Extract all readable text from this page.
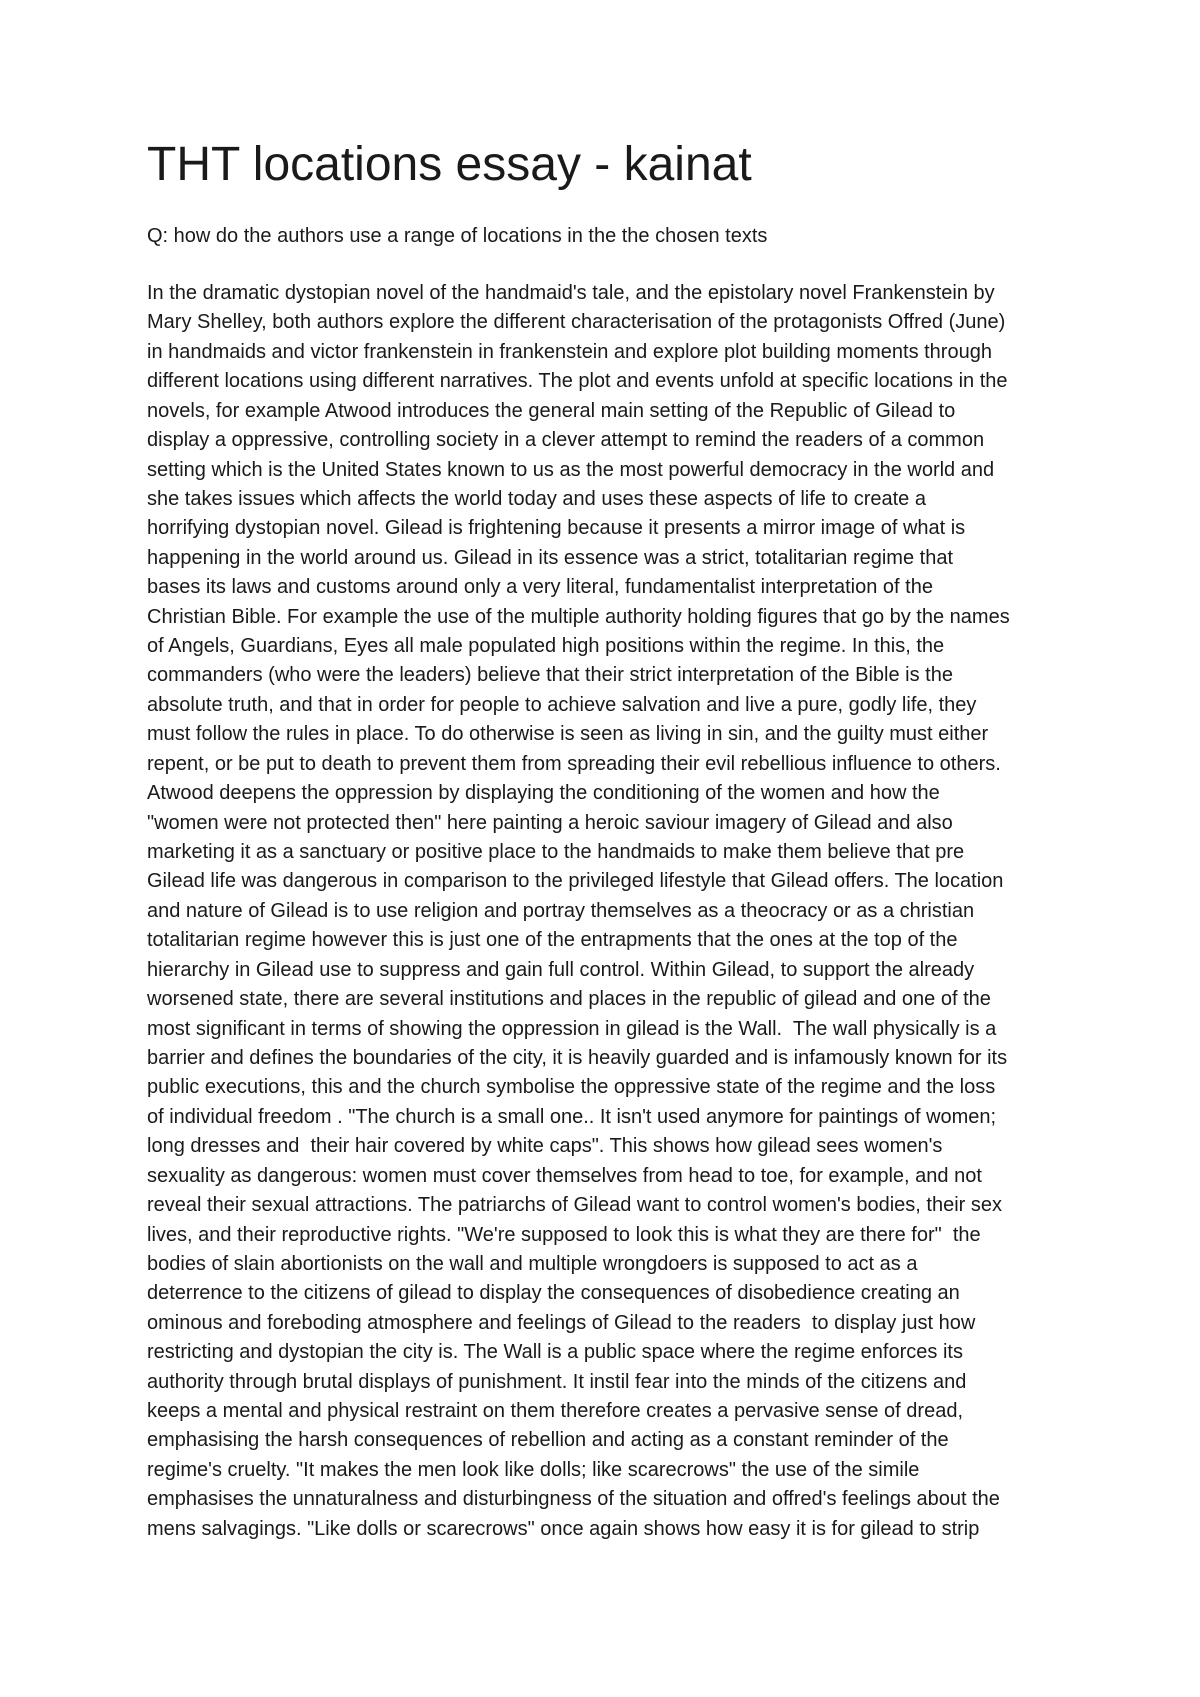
THT locations essay - kainat
Q: how do the authors use a range of locations in the the chosen texts
In the dramatic dystopian novel of the handmaid's tale, and the epistolary novel Frankenstein by
Mary Shelley, both authors explore the different characterisation of the protagonists Offred (June)
in handmaids and victor frankenstein in frankenstein and explore plot building moments through
different locations using different narratives. The plot and events unfold at specific locations in the
novels, for example Atwood introduces the general main setting of the Republic of Gilead to
display a oppressive, controlling society in a clever attempt to remind the readers of a common
setting which is the United States known to us as the most powerful democracy in the world and
she takes issues which affects the world today and uses these aspects of life to create a
horrifying dystopian novel. Gilead is frightening because it presents a mirror image of what is
happening in the world around us. Gilead in its essence was a strict, totalitarian regime that
bases its laws and customs around only a very literal, fundamentalist interpretation of the
Christian Bible. For example the use of the multiple authority holding figures that go by the names
of Angels, Guardians, Eyes all male populated high positions within the regime. In this, the
commanders (who were the leaders) believe that their strict interpretation of the Bible is the
absolute truth, and that in order for people to achieve salvation and live a pure, godly life, they
must follow the rules in place. To do otherwise is seen as living in sin, and the guilty must either
repent, or be put to death to prevent them from spreading their evil rebellious influence to others.
Atwood deepens the oppression by displaying the conditioning of the women and how the
"women were not protected then" here painting a heroic saviour imagery of Gilead and also
marketing it as a sanctuary or positive place to the handmaids to make them believe that pre
Gilead life was dangerous in comparison to the privileged lifestyle that Gilead offers. The location
and nature of Gilead is to use religion and portray themselves as a theocracy or as a christian
totalitarian regime however this is just one of the entrapments that the ones at the top of the
hierarchy in Gilead use to suppress and gain full control. Within Gilead, to support the already
worsened state, there are several institutions and places in the republic of gilead and one of the
most significant in terms of showing the oppression in gilead is the Wall.  The wall physically is a
barrier and defines the boundaries of the city, it is heavily guarded and is infamously known for its
public executions, this and the church symbolise the oppressive state of the regime and the loss
of individual freedom . "The church is a small one.. It isn't used anymore for paintings of women;
long dresses and  their hair covered by white caps". This shows how gilead sees women's
sexuality as dangerous: women must cover themselves from head to toe, for example, and not
reveal their sexual attractions. The patriarchs of Gilead want to control women's bodies, their sex
lives, and their reproductive rights. "We're supposed to look this is what they are there for"  the
bodies of slain abortionists on the wall and multiple wrongdoers is supposed to act as a
deterrence to the citizens of gilead to display the consequences of disobedience creating an
ominous and foreboding atmosphere and feelings of Gilead to the readers  to display just how
restricting and dystopian the city is. The Wall is a public space where the regime enforces its
authority through brutal displays of punishment. It instil fear into the minds of the citizens and
keeps a mental and physical restraint on them therefore creates a pervasive sense of dread,
emphasising the harsh consequences of rebellion and acting as a constant reminder of the
regime's cruelty. "It makes the men look like dolls; like scarecrows" the use of the simile
emphasises the unnaturalness and disturbingness of the situation and offred's feelings about the
mens salvagings. "Like dolls or scarecrows" once again shows how easy it is for gilead to strip
